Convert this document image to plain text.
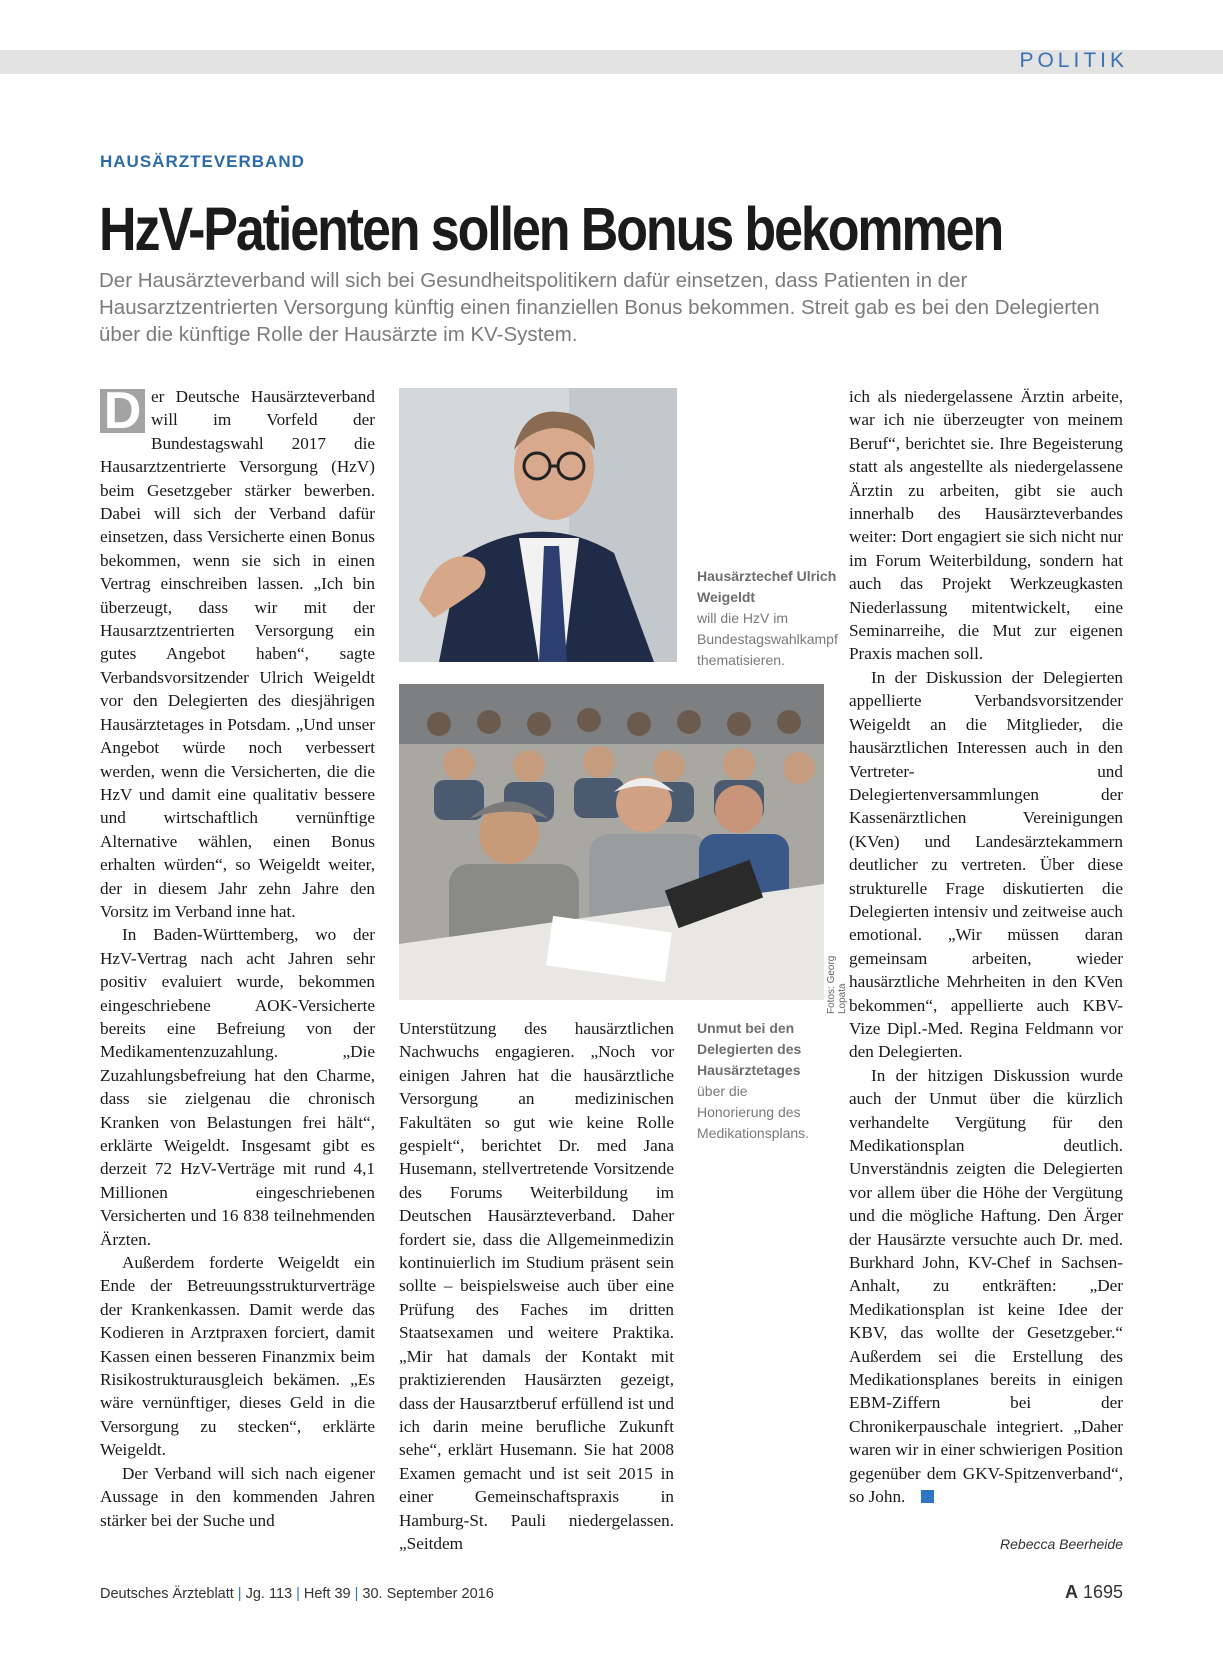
POLITIK
HAUSÄRZTEVERBAND
HzV-Patienten sollen Bonus bekommen
Der Hausärzteverband will sich bei Gesundheitspolitikern dafür einsetzen, dass Patienten in der Hausarztzentrierten Versorgung künftig einen finanziellen Bonus bekommen. Streit gab es bei den Delegierten über die künftige Rolle der Hausärzte im KV-System.

D er Deutsche Hausärzteverband will im Vorfeld der Bundestagswahl 2017 die Hausarztzentrierte Versorgung (HzV) beim Gesetzgeber stärker bewerben. Dabei will sich der Verband dafür einsetzen, dass Versicherte einen Bonus bekommen, wenn sie sich in einen Vertrag einschreiben lassen. „Ich bin überzeugt, dass wir mit der Hausarztzentrierten Versorgung ein gutes Angebot haben“, sagte Verbandsvorsitzender Ulrich Weigeldt vor den Delegierten des diesjährigen Hausärztetages in Potsdam. „Und unser Angebot würde noch verbessert werden, wenn die Versicherten, die die HzV und damit eine qualitativ bessere und wirtschaftlich vernünftige Alternative wählen, einen Bonus erhalten würden“, so Weigeldt weiter, der in diesem Jahr zehn Jahre den Vorsitz im Verband inne hat.

In Baden-Württemberg, wo der HzV-Vertrag nach acht Jahren sehr positiv evaluiert wurde, bekommen eingeschriebene AOK-Versicherte bereits eine Befreiung von der Medikamentenzuzahlung. „Die Zuzahlungsbefreiung hat den Charme, dass sie zielgenau die chronisch Kranken von Belastungen frei hält“, erklärte Weigeldt. Insgesamt gibt es derzeit 72 HzV-Verträge mit rund 4,1 Millionen eingeschriebenen Versicherten und 16 838 teilnehmenden Ärzten.

Außerdem forderte Weigeldt ein Ende der Betreuungsstrukturverträge der Krankenkassen. Damit werde das Kodieren in Arztpraxen forciert, damit Kassen einen besseren Finanzmix beim Risikostrukturausgleich bekämen. „Es wäre vernünftiger, dieses Geld in die Versorgung zu stecken“, erklärte Weigeldt.

Der Verband will sich nach eigener Aussage in den kommenden Jahren stärker bei der Suche und

Fotos: Georg Lopata
Hausärztechef Ulrich Weigeldt
will die HzV im Bundestagswahlkampf thematisieren.
Unmut bei den Delegierten des Hausärztetages
über die Honorierung des Medikationsplans.

Unterstützung des hausärztlichen Nachwuchs engagieren. „Noch vor einigen Jahren hat die hausärztliche Versorgung an medizinischen Fakultäten so gut wie keine Rolle gespielt“, berichtet Dr. med Jana Husemann, stellvertretende Vorsitzende des Forums Weiterbildung im Deutschen Hausärzteverband. Daher fordert sie, dass die Allgemeinmedizin kontinuierlich im Studium präsent sein sollte – beispielsweise auch über eine Prüfung des Faches im dritten Staatsexamen und weitere Praktika. „Mir hat damals der Kontakt mit praktizierenden Hausärzten gezeigt, dass der Hausarztberuf erfüllend ist und ich darin meine berufliche Zukunft sehe“, erklärt Husemann. Sie hat 2008 Examen gemacht und ist seit 2015 in einer Gemeinschaftspraxis in Hamburg-St. Pauli niedergelassen. „Seitdem

ich als niedergelassene Ärztin arbeite, war ich nie überzeugter von meinem Beruf“, berichtet sie. Ihre Begeisterung statt als angestellte als niedergelassene Ärztin zu arbeiten, gibt sie auch innerhalb des Hausärzteverbandes weiter: Dort engagiert sie sich nicht nur im Forum Weiterbildung, sondern hat auch das Projekt Werkzeugkasten Niederlassung mitentwickelt, eine Seminarreihe, die Mut zur eigenen Praxis machen soll.

In der Diskussion der Delegierten appellierte Verbandsvorsitzender Weigeldt an die Mitglieder, die hausärztlichen Interessen auch in den Vertreter- und Delegiertenversammlungen der Kassenärztlichen Vereinigungen (KVen) und Landesärztekammern deutlicher zu vertreten. Über diese strukturelle Frage diskutierten die Delegierten intensiv und zeitweise auch emotional. „Wir müssen daran gemeinsam arbeiten, wieder hausärztliche Mehrheiten in den KVen bekommen“, appellierte auch KBV-Vize Dipl.-Med. Regina Feldmann vor den Delegierten.

In der hitzigen Diskussion wurde auch der Unmut über die kürzlich verhandelte Vergütung für den Medikationsplan deutlich. Unverständnis zeigten die Delegierten vor allem über die Höhe der Vergütung und die mögliche Haftung. Den Ärger der Hausärzte versuchte auch Dr. med. Burkhard John, KV-Chef in Sachsen-Anhalt, zu entkräften: „Der Medikationsplan ist keine Idee der KBV, das wollte der Gesetzgeber.“ Außerdem sei die Erstellung des Medikationsplanes bereits in einigen EBM-Ziffern bei der Chronikerpauschale integriert. „Daher waren wir in einer schwierigen Position gegenüber dem GKV-Spitzenverband“, so John.

Rebecca Beerheide
Deutsches Ärzteblatt | Jg. 113 | Heft 39 | 30. September 2016	A 1695
